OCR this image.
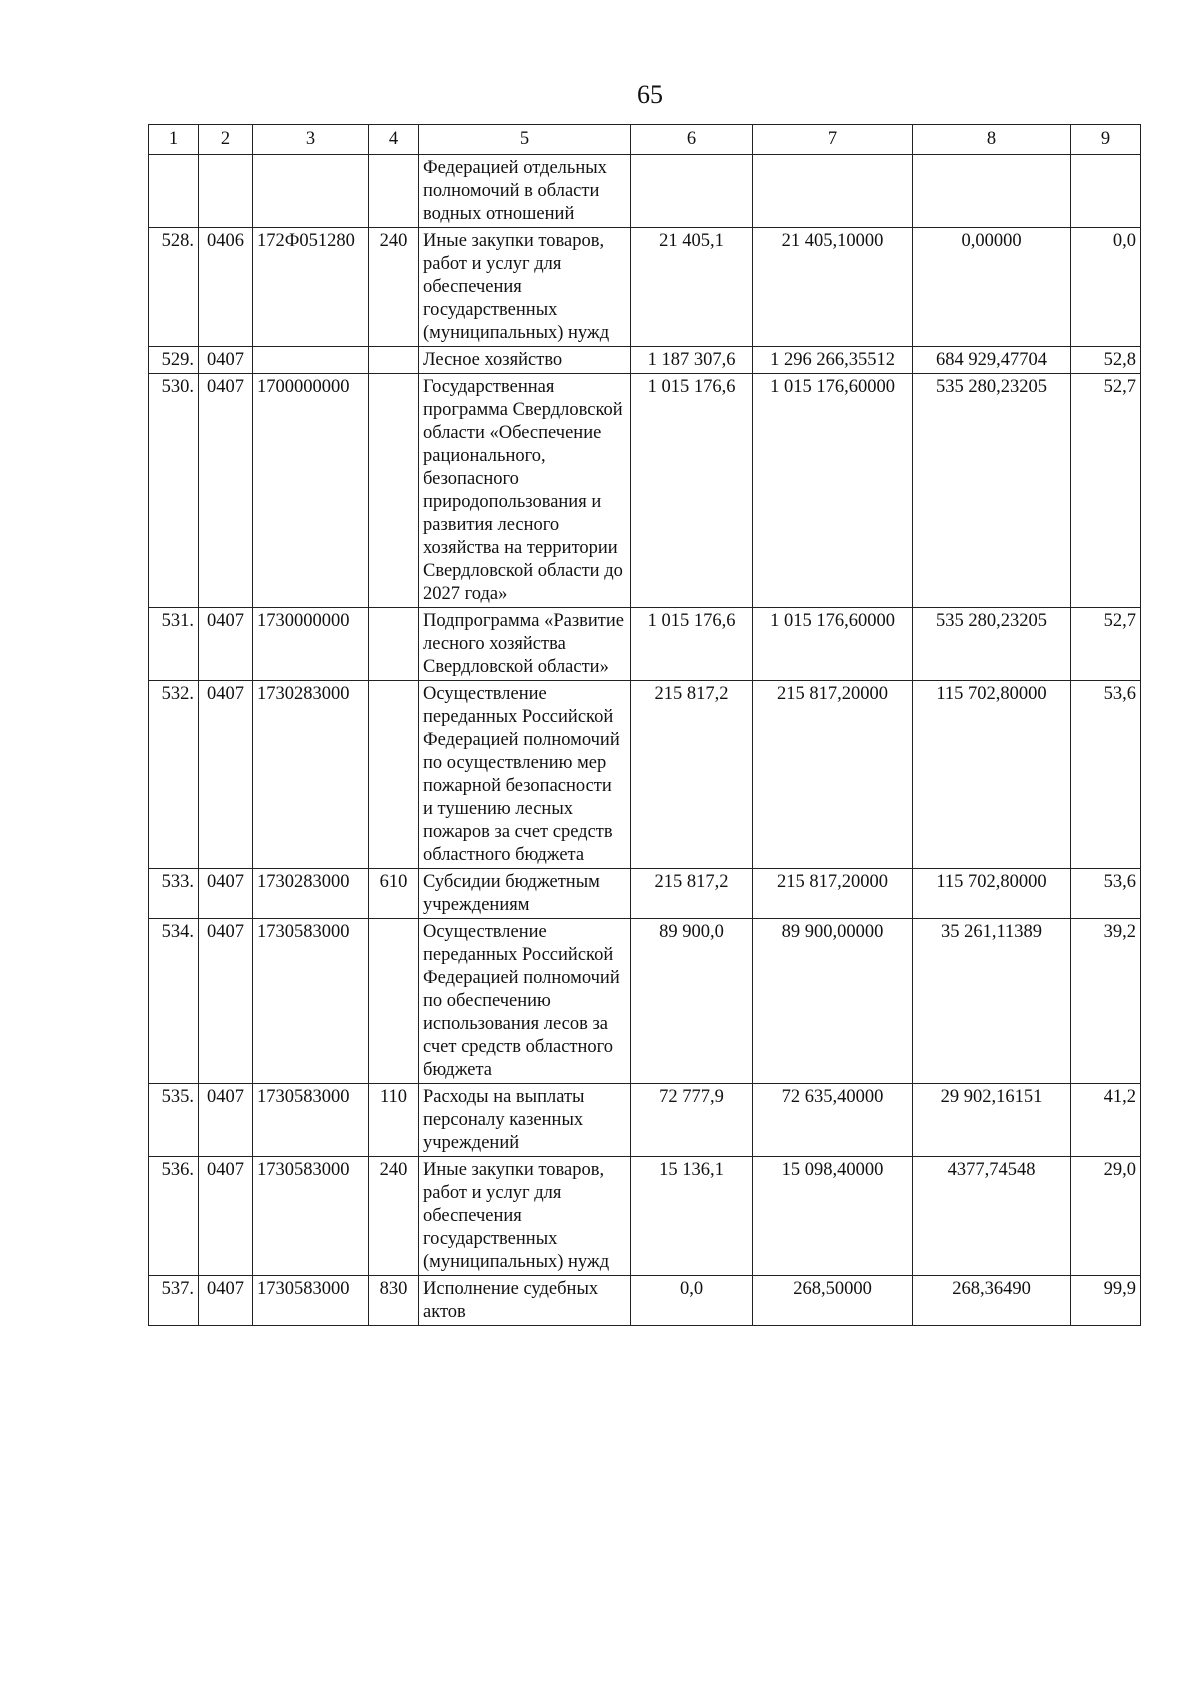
65
1	2	3	4	5	6	7	8	9
				Федерацией отдельных полномочий в области водных отношений				
528.	0406	172Ф051280	240	Иные закупки товаров, работ и услуг для обеспечения государственных (муниципальных) нужд	21 405,1	21 405,10000	0,00000	0,0
529.	0407			Лесное хозяйство	1 187 307,6	1 296 266,35512	684 929,47704	52,8
530.	0407	1700000000		Государственная программа Свердловской области «Обеспечение рационального, безопасного природопользования и развития лесного хозяйства на территории Свердловской области до 2027 года»	1 015 176,6	1 015 176,60000	535 280,23205	52,7
531.	0407	1730000000		Подпрограмма «Развитие лесного хозяйства Свердловской области»	1 015 176,6	1 015 176,60000	535 280,23205	52,7
532.	0407	1730283000		Осуществление переданных Российской Федерацией полномочий по осуществлению мер пожарной безопасности и тушению лесных пожаров за счет средств областного бюджета	215 817,2	215 817,20000	115 702,80000	53,6
533.	0407	1730283000	610	Субсидии бюджетным учреждениям	215 817,2	215 817,20000	115 702,80000	53,6
534.	0407	1730583000		Осуществление переданных Российской Федерацией полномочий по обеспечению использования лесов за счет средств областного бюджета	89 900,0	89 900,00000	35 261,11389	39,2
535.	0407	1730583000	110	Расходы на выплаты персоналу казенных учреждений	72 777,9	72 635,40000	29 902,16151	41,2
536.	0407	1730583000	240	Иные закупки товаров, работ и услуг для обеспечения государственных (муниципальных) нужд	15 136,1	15 098,40000	4377,74548	29,0
537.	0407	1730583000	830	Исполнение судебных актов	0,0	268,50000	268,36490	99,9
